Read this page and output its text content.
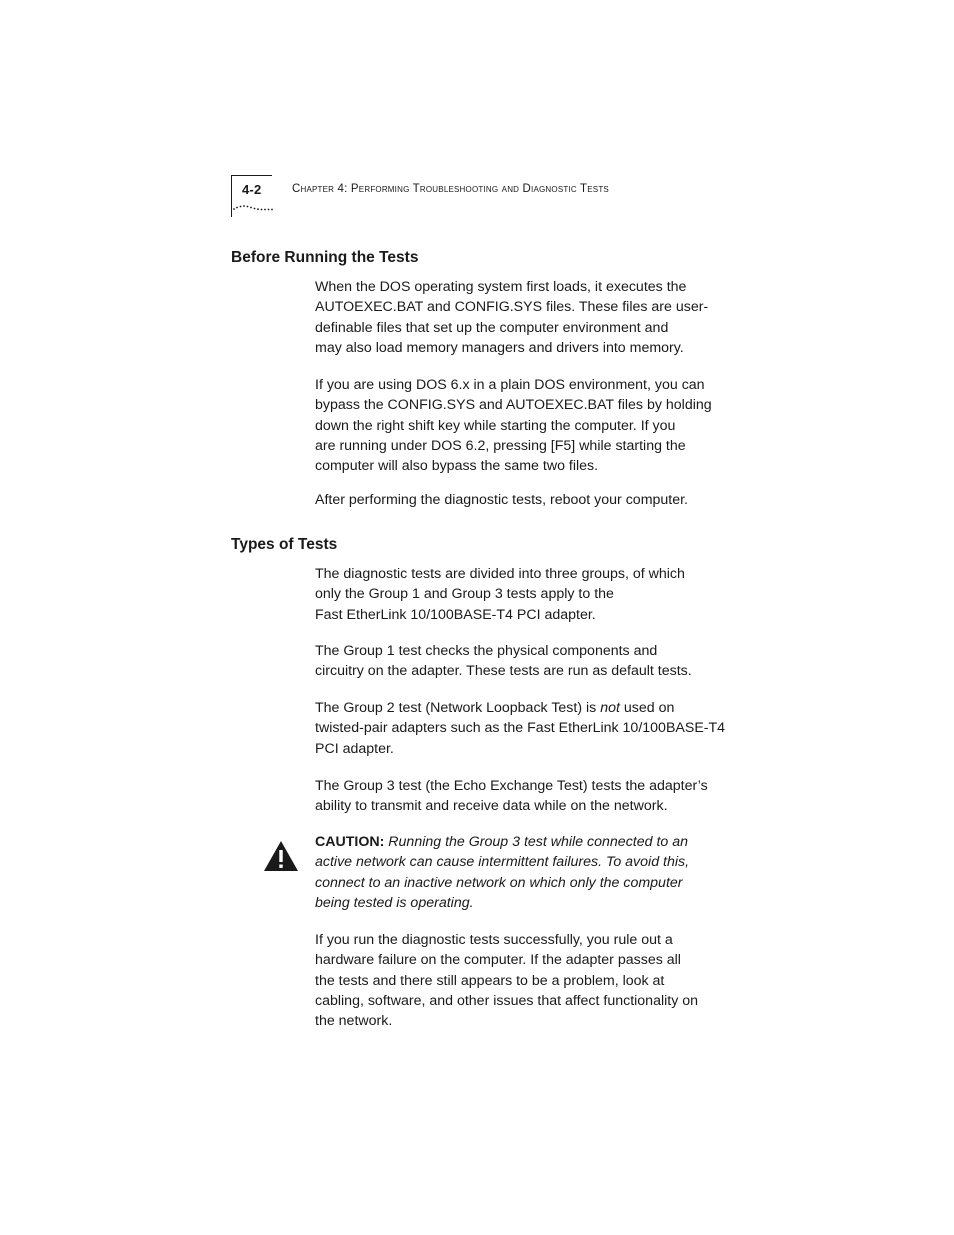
4-2	Chapter 4: Performing Troubleshooting and Diagnostic Tests
Before Running the Tests

When the DOS operating system first loads, it executes the
AUTOEXEC.BAT and CONFIG.SYS files. These files are user-
definable files that set up the computer environment and
may also load memory managers and drivers into memory.

If you are using DOS 6.x in a plain DOS environment, you can
bypass the CONFIG.SYS and AUTOEXEC.BAT files by holding
down the right shift key while starting the computer. If you
are running under DOS 6.2, pressing [F5] while starting the
computer will also bypass the same two files.

After performing the diagnostic tests, reboot your computer.

Types of Tests

The diagnostic tests are divided into three groups, of which
only the Group 1 and Group 3 tests apply to the
Fast EtherLink 10/100BASE-T4 PCI adapter.

The Group 1 test checks the physical components and
circuitry on the adapter. These tests are run as default tests.

The Group 2 test (Network Loopback Test) is not used on
twisted-pair adapters such as the Fast EtherLink 10/100BASE-T4
PCI adapter.

The Group 3 test (the Echo Exchange Test) tests the adapter’s
ability to transmit and receive data while on the network.

CAUTION: Running the Group 3 test while connected to an
active network can cause intermittent failures. To avoid this,
connect to an inactive network on which only the computer
being tested is operating.

If you run the diagnostic tests successfully, you rule out a
hardware failure on the computer. If the adapter passes all
the tests and there still appears to be a problem, look at
cabling, software, and other issues that affect functionality on
the network.
